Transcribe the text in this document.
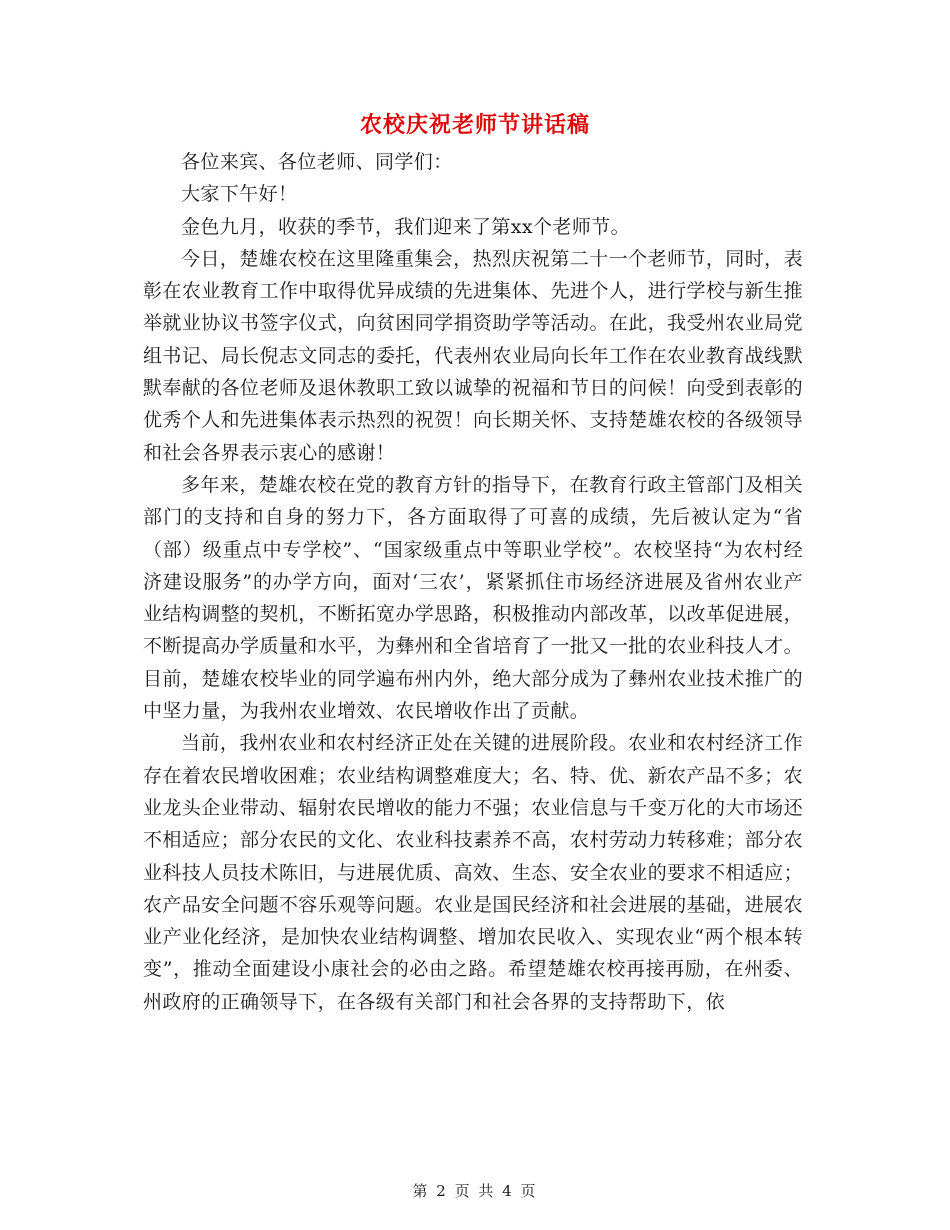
农校庆祝老师节讲话稿

各位来宾、各位老师、同学们：

大家下午好！

金色九月，收获的季节，我们迎来了第xx个老师节。

今日，楚雄农校在这里隆重集会，热烈庆祝第二十一个老师节，同时，表彰在农业教育工作中取得优异成绩的先进集体、先进个人，进行学校与新生推举就业协议书签字仪式，向贫困同学捐资助学等活动。在此，我受州农业局党组书记、局长倪志文同志的委托，代表州农业局向长年工作在农业教育战线默默奉献的各位老师及退休教职工致以诚挚的祝福和节日的问候！向受到表彰的优秀个人和先进集体表示热烈的祝贺！向长期关怀、支持楚雄农校的各级领导和社会各界表示衷心的感谢！

多年来，楚雄农校在党的教育方针的指导下，在教育行政主管部门及相关部门的支持和自身的努力下，各方面取得了可喜的成绩，先后被认定为“省（部）级重点中专学校”、“国家级重点中等职业学校”。农校坚持“为农村经济建设服务”的办学方向，面对‘三农’，紧紧抓住市场经济进展及省州农业产业结构调整的契机，不断拓宽办学思路，积极推动内部改革，以改革促进展，不断提高办学质量和水平，为彝州和全省培育了一批又一批的农业科技人才。目前，楚雄农校毕业的同学遍布州内外，绝大部分成为了彝州农业技术推广的中坚力量，为我州农业增效、农民增收作出了贡献。

当前，我州农业和农村经济正处在关键的进展阶段。农业和农村经济工作存在着农民增收困难；农业结构调整难度大；名、特、优、新农产品不多；农业龙头企业带动、辐射农民增收的能力不强；农业信息与千变万化的大市场还不相适应；部分农民的文化、农业科技素养不高，农村劳动力转移难；部分农业科技人员技术陈旧，与进展优质、高效、生态、安全农业的要求不相适应；农产品安全问题不容乐观等问题。农业是国民经济和社会进展的基础，进展农业产业化经济，是加快农业结构调整、增加农民收入、实现农业“两个根本转变”，推动全面建设小康社会的必由之路。希望楚雄农校再接再励，在州委、州政府的正确领导下，在各级有关部门和社会各界的支持帮助下，依

第 2 页 共 4 页
